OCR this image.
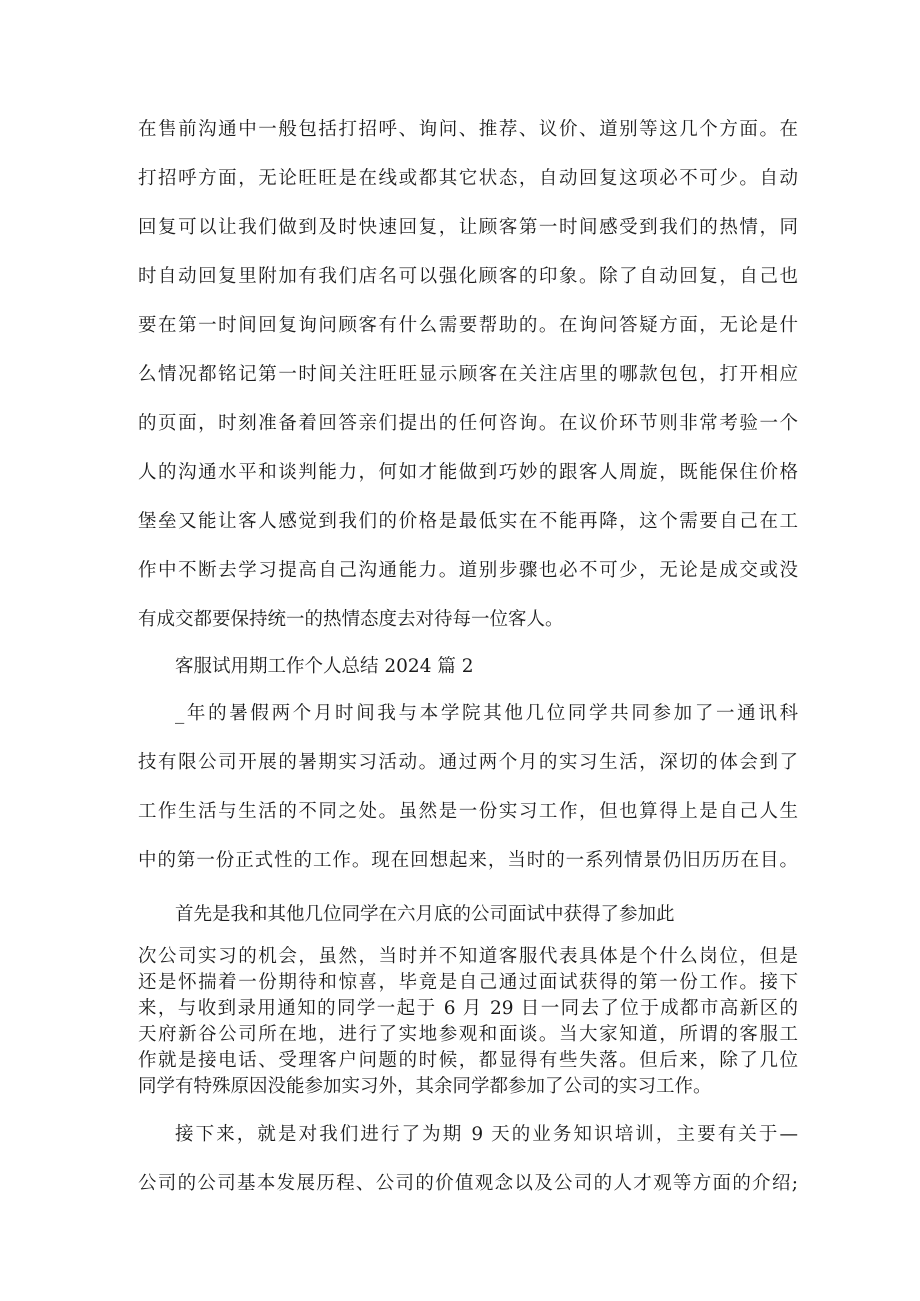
在售前沟通中一般包括打招呼、询问、推荐、议价、道别等这几个方面。在
打招呼方面，无论旺旺是在线或都其它状态，自动回复这项必不可少。自动
回复可以让我们做到及时快速回复，让顾客第一时间感受到我们的热情，同
时自动回复里附加有我们店名可以强化顾客的印象。除了自动回复，自己也
要在第一时间回复询问顾客有什么需要帮助的。在询问答疑方面，无论是什
么情况都铭记第一时间关注旺旺显示顾客在关注店里的哪款包包，打开相应
的页面，时刻准备着回答亲们提出的任何咨询。在议价环节则非常考验一个
人的沟通水平和谈判能力，何如才能做到巧妙的跟客人周旋，既能保住价格
堡垒又能让客人感觉到我们的价格是最低实在不能再降，这个需要自己在工
作中不断去学习提高自己沟通能力。道别步骤也必不可少，无论是成交或没
有成交都要保持统一的热情态度去对待每一位客人。
客服试用期工作个人总结 2024 篇 2
_年的暑假两个月时间我与本学院其他几位同学共同参加了一通讯科
技有限公司开展的暑期实习活动。通过两个月的实习生活，深切的体会到了
工作生活与生活的不同之处。虽然是一份实习工作，但也算得上是自己人生
中的第一份正式性的工作。现在回想起来，当时的一系列情景仍旧历历在目。
首先是我和其他几位同学在六月底的公司面试中获得了参加此
次公司实习的机会，虽然，当时并不知道客服代表具体是个什么岗位，但是
还是怀揣着一份期待和惊喜，毕竟是自己通过面试获得的第一份工作。接下
来，与收到录用通知的同学一起于 6 月 29 日一同去了位于成都市高新区的
天府新谷公司所在地，进行了实地参观和面谈。当大家知道，所谓的客服工
作就是接电话、受理客户问题的时候，都显得有些失落。但后来，除了几位
同学有特殊原因没能参加实习外，其余同学都参加了公司的实习工作。
接下来，就是对我们进行了为期 9 天的业务知识培训，主要有关于—
公司的公司基本发展历程、公司的价值观念以及公司的人才观等方面的介绍;
